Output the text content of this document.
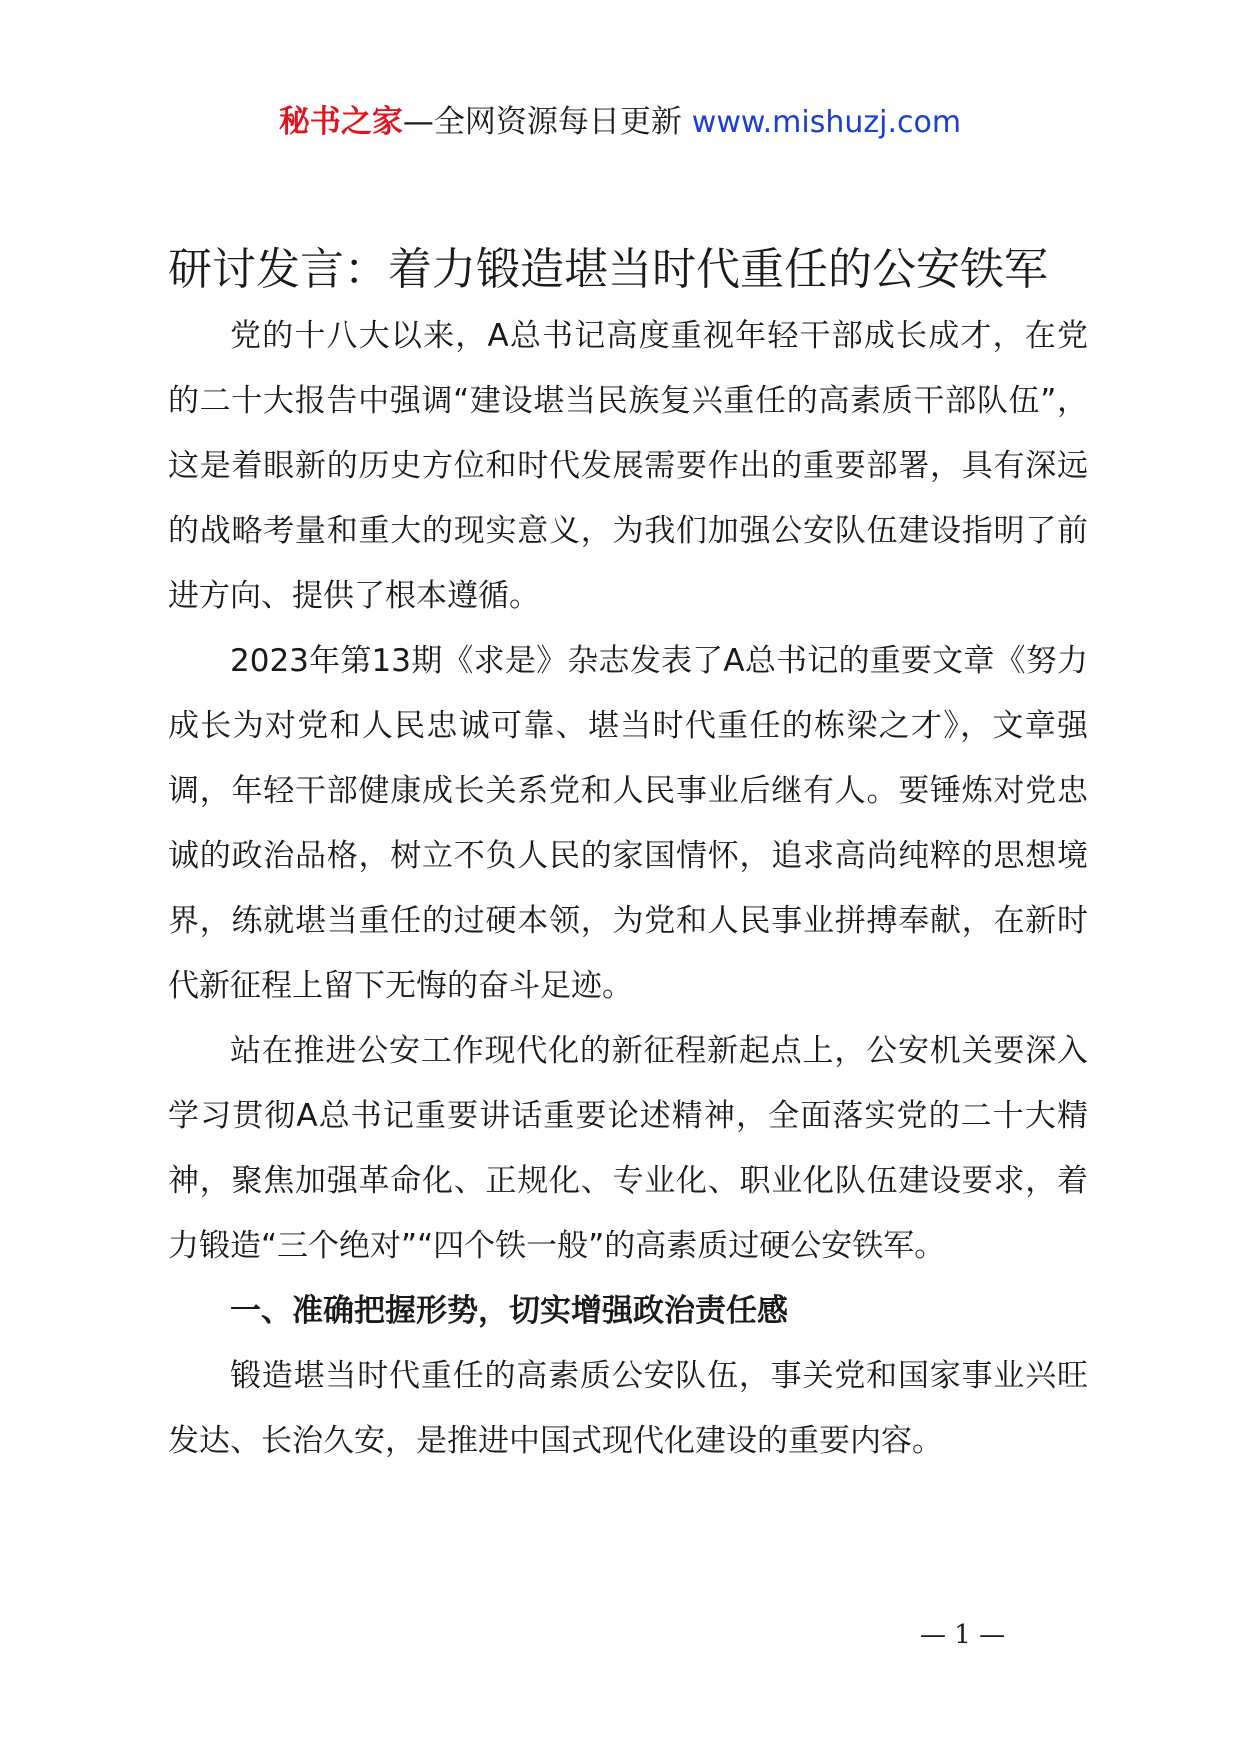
秘书之家—全网资源每日更新 www.mishuzj.com
研讨发言：着力锻造堪当时代重任的公安铁军

党的十八大以来，A总书记高度重视年轻干部成长成才，在党的二十大报告中强调“建设堪当民族复兴重任的高素质干部队伍”，这是着眼新的历史方位和时代发展需要作出的重要部署，具有深远的战略考量和重大的现实意义，为我们加强公安队伍建设指明了前进方向、提供了根本遵循。

2023年第13期《求是》杂志发表了A总书记的重要文章《努力成长为对党和人民忠诚可靠、堪当时代重任的栋梁之才》，文章强调，年轻干部健康成长关系党和人民事业后继有人。要锤炼对党忠诚的政治品格，树立不负人民的家国情怀，追求高尚纯粹的思想境界，练就堪当重任的过硬本领，为党和人民事业拼搏奉献，在新时代新征程上留下无悔的奋斗足迹。

站在推进公安工作现代化的新征程新起点上，公安机关要深入学习贯彻A总书记重要讲话重要论述精神，全面落实党的二十大精神，聚焦加强革命化、正规化、专业化、职业化队伍建设要求，着力锻造“三个绝对”“四个铁一般”的高素质过硬公安铁军。

一、准确把握形势，切实增强政治责任感

锻造堪当时代重任的高素质公安队伍，事关党和国家事业兴旺发达、长治久安，是推进中国式现代化建设的重要内容。

— 1 —
